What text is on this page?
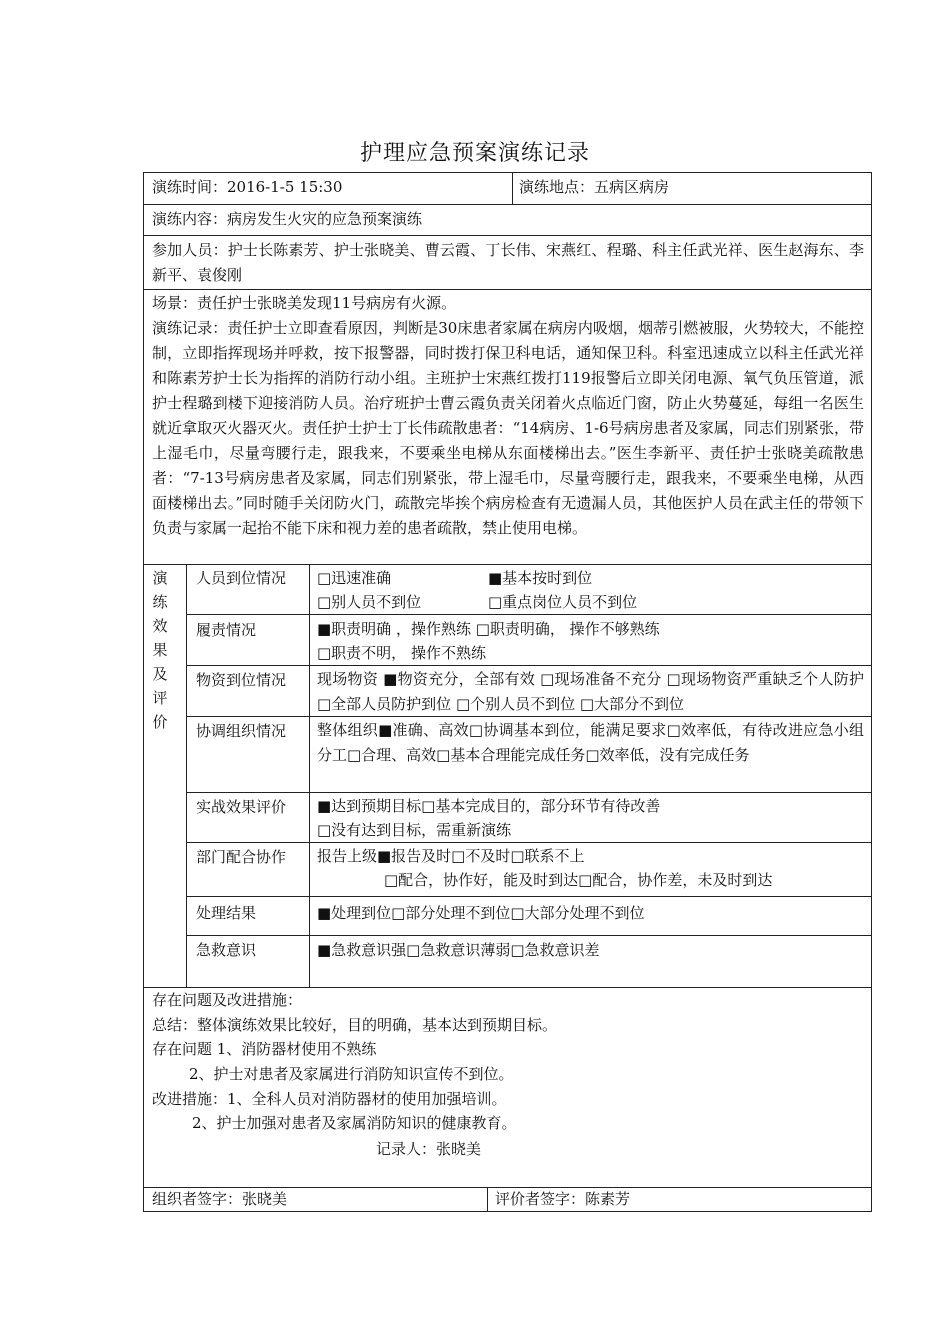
护理应急预案演练记录
演练时间：2016-1-5 15:30	演练地点：五病区病房
演练内容：病房发生火灾的应急预案演练
参加人员：护士长陈素芳、护士张晓美、曹云霞、丁长伟、宋燕红、程璐、科主任武光祥、医生赵海东、李新平、袁俊刚
场景：责任护士张晓美发现11号病房有火源。
演练记录：责任护士立即查看原因，判断是30床患者家属在病房内吸烟，烟蒂引燃被服，火势较大，不能控制，立即指挥现场并呼救，按下报警器，同时拨打保卫科电话，通知保卫科。科室迅速成立以科主任武光祥和陈素芳护士长为指挥的消防行动小组。主班护士宋燕红拨打119报警后立即关闭电源、氧气负压管道，派护士程璐到楼下迎接消防人员。治疗班护士曹云霞负责关闭着火点临近门窗，防止火势蔓延，每组一名医生就近拿取灭火器灭火。责任护士护士丁长伟疏散患者：“14病房、1-6号病房患者及家属，同志们别紧张，带上湿毛巾，尽量弯腰行走，跟我来，不要乘坐电梯从东面楼梯出去。”医生李新平、责任护士张晓美疏散患者：“7-13号病房患者及家属，同志们别紧张，带上湿毛巾，尽量弯腰行走，跟我来，不要乘坐电梯，从西面楼梯出去。”同时随手关闭防火门，疏散完毕挨个病房检查有无遗漏人员，其他医护人员在武主任的带领下负责与家属一起抬不能下床和视力差的患者疏散，禁止使用电梯。
演
练
效
果
及
评
价
人员到位情况 □迅速准确	■基本按时到位
□别人员不到位	□重点岗位人员不到位
履责情况	■职责明确 ，操作熟练 □职责明确， 操作不够熟练
□职责不明， 操作不熟练
物资到位情况 现场物资 ■物资充分，全部有效 □现场准备不充分 □现场物资严重缺乏个人防护 □全部人员防护到位 □个别人员不到位 □大部分不到位
协调组织情况 整体组织■准确、高效□协调基本到位，能满足要求□效率低，有待改进应急小组分工□合理、高效□基本合理能完成任务□效率低，没有完成任务
实战效果评价 ■达到预期目标□基本完成目的，部分环节有待改善
□没有达到目标，需重新演练
部门配合协作 报告上级■报告及时□不及时□联系不上
□配合，协作好，能及时到达□配合，协作差，未及时到达
处理结果	■处理到位□部分处理不到位□大部分处理不到位
急救意识	■急救意识强□急救意识薄弱□急救意识差
存在问题及改进措施：
总结：整体演练效果比较好，目的明确，基本达到预期目标。
存在问题 1、消防器材使用不熟练
2、护士对患者及家属进行消防知识宣传不到位。
改进措施：1、全科人员对消防器材的使用加强培训。
2、护士加强对患者及家属消防知识的健康教育。
记录人：张晓美
组织者签字：张晓美	评价者签字：陈素芳
